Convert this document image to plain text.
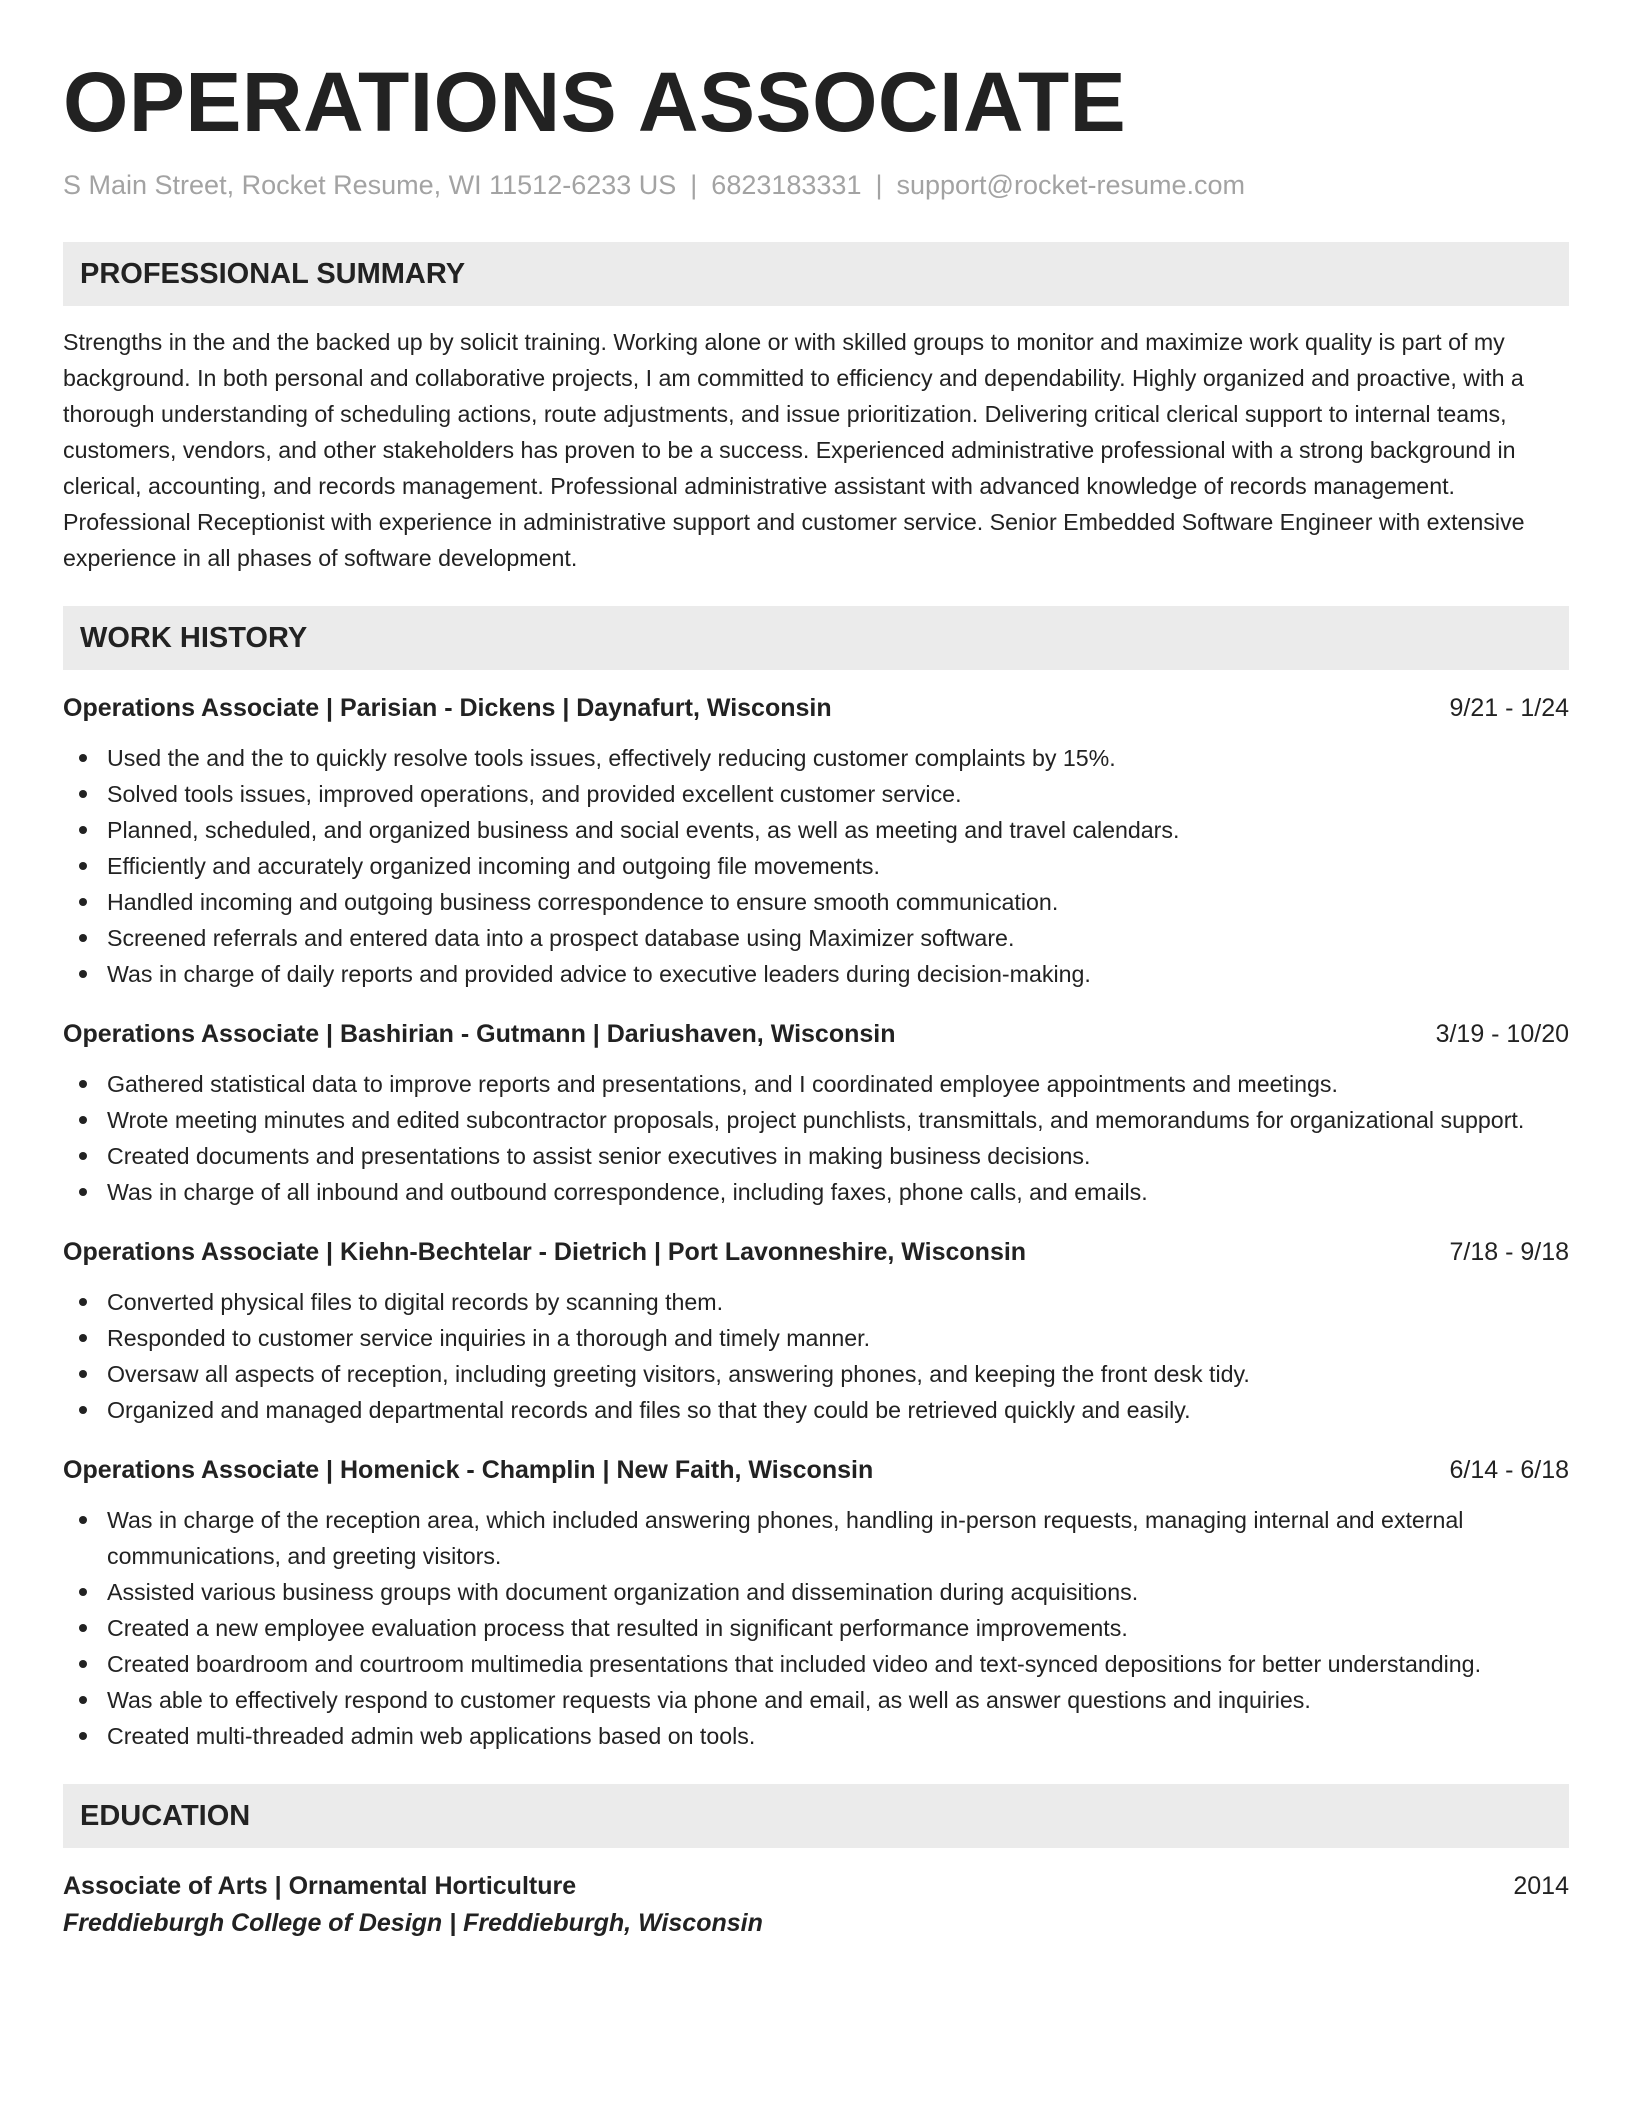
OPERATIONS ASSOCIATE
S Main Street, Rocket Resume, WI 11512-6233 US | 6823183331 | support@rocket-resume.com
PROFESSIONAL SUMMARY
Strengths in the and the backed up by solicit training. Working alone or with skilled groups to monitor and maximize work quality is part of my background. In both personal and collaborative projects, I am committed to efficiency and dependability. Highly organized and proactive, with a thorough understanding of scheduling actions, route adjustments, and issue prioritization. Delivering critical clerical support to internal teams, customers, vendors, and other stakeholders has proven to be a success. Experienced administrative professional with a strong background in clerical, accounting, and records management. Professional administrative assistant with advanced knowledge of records management. Professional Receptionist with experience in administrative support and customer service. Senior Embedded Software Engineer with extensive experience in all phases of software development.
WORK HISTORY
Operations Associate | Parisian - Dickens | Daynafurt, Wisconsin	9/21 - 1/24
Used the and the to quickly resolve tools issues, effectively reducing customer complaints by 15%.
Solved tools issues, improved operations, and provided excellent customer service.
Planned, scheduled, and organized business and social events, as well as meeting and travel calendars.
Efficiently and accurately organized incoming and outgoing file movements.
Handled incoming and outgoing business correspondence to ensure smooth communication.
Screened referrals and entered data into a prospect database using Maximizer software.
Was in charge of daily reports and provided advice to executive leaders during decision-making.
Operations Associate | Bashirian - Gutmann | Dariushaven, Wisconsin	3/19 - 10/20
Gathered statistical data to improve reports and presentations, and I coordinated employee appointments and meetings.
Wrote meeting minutes and edited subcontractor proposals, project punchlists, transmittals, and memorandums for organizational support.
Created documents and presentations to assist senior executives in making business decisions.
Was in charge of all inbound and outbound correspondence, including faxes, phone calls, and emails.
Operations Associate | Kiehn-Bechtelar - Dietrich | Port Lavonneshire, Wisconsin	7/18 - 9/18
Converted physical files to digital records by scanning them.
Responded to customer service inquiries in a thorough and timely manner.
Oversaw all aspects of reception, including greeting visitors, answering phones, and keeping the front desk tidy.
Organized and managed departmental records and files so that they could be retrieved quickly and easily.
Operations Associate | Homenick - Champlin | New Faith, Wisconsin	6/14 - 6/18
Was in charge of the reception area, which included answering phones, handling in-person requests, managing internal and external communications, and greeting visitors.
Assisted various business groups with document organization and dissemination during acquisitions.
Created a new employee evaluation process that resulted in significant performance improvements.
Created boardroom and courtroom multimedia presentations that included video and text-synced depositions for better understanding.
Was able to effectively respond to customer requests via phone and email, as well as answer questions and inquiries.
Created multi-threaded admin web applications based on tools.
EDUCATION
Associate of Arts | Ornamental Horticulture	2014
Freddieburgh College of Design | Freddieburgh, Wisconsin
